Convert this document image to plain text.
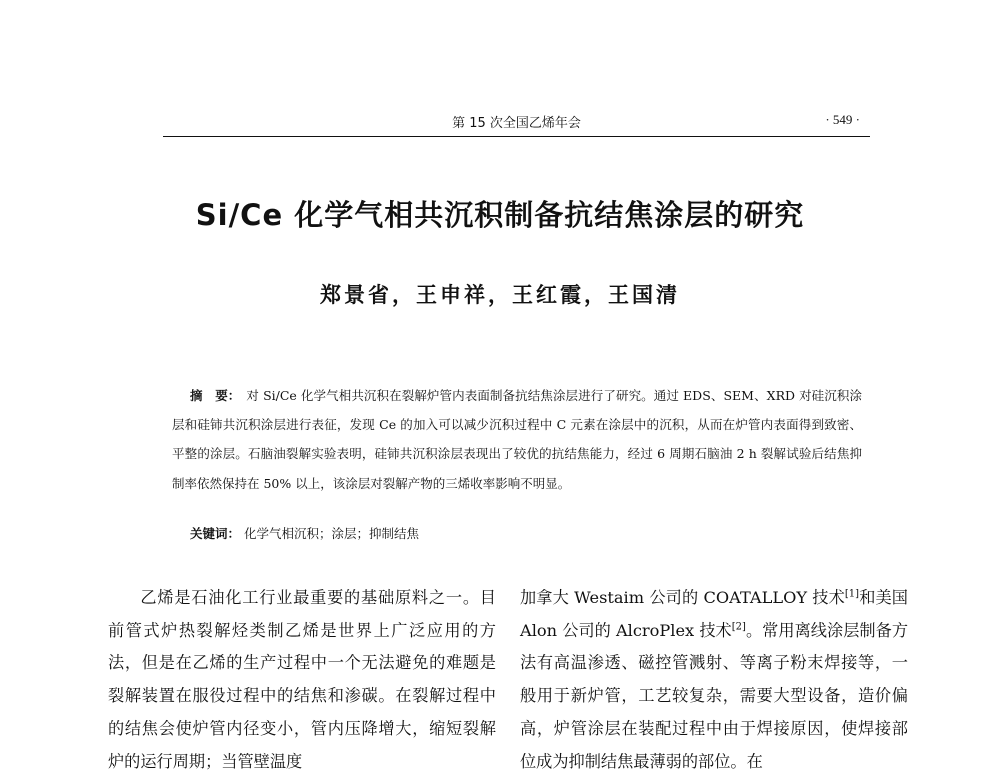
第 15 次全国乙烯年会	· 549 ·
Si/Ce 化学气相共沉积制备抗结焦涂层的研究
郑景省，王申祥，王红霞，王国清
摘　要： 对 Si/Ce 化学气相共沉积在裂解炉管内表面制备抗结焦涂层进行了研究。通过 EDS、SEM、XRD 对硅沉积涂层和硅铈共沉积涂层进行表征，发现 Ce 的加入可以减少沉积过程中 C 元素在涂层中的沉积，从而在炉管内表面得到致密、平整的涂层。石脑油裂解实验表明，硅铈共沉积涂层表现出了较优的抗结焦能力，经过 6 周期石脑油 2 h 裂解试验后结焦抑制率依然保持在 50% 以上，该涂层对裂解产物的三烯收率影响不明显。
关键词： 化学气相沉积；涂层；抑制结焦
乙烯是石油化工行业最重要的基础原料之一。目前管式炉热裂解烃类制乙烯是世界上广泛应用的方法，但是在乙烯的生产过程中一个无法避免的难题是裂解装置在服役过程中的结焦和渗碳。在裂解过程中的结焦会使炉管内径变小，管内压降增大，缩短裂解炉的运行周期；当管壁温度
加拿大 Westaim 公司的 COATALLOY 技术[1]和美国 Alon 公司的 AlcroPlex 技术[2]。常用离线涂层制备方法有高温渗透、磁控管溅射、等离子粉末焊接等，一般用于新炉管，工艺较复杂，需要大型设备，造价偏高，炉管涂层在装配过程中由于焊接原因，使焊接部位成为抑制结焦最薄弱的部位。在
